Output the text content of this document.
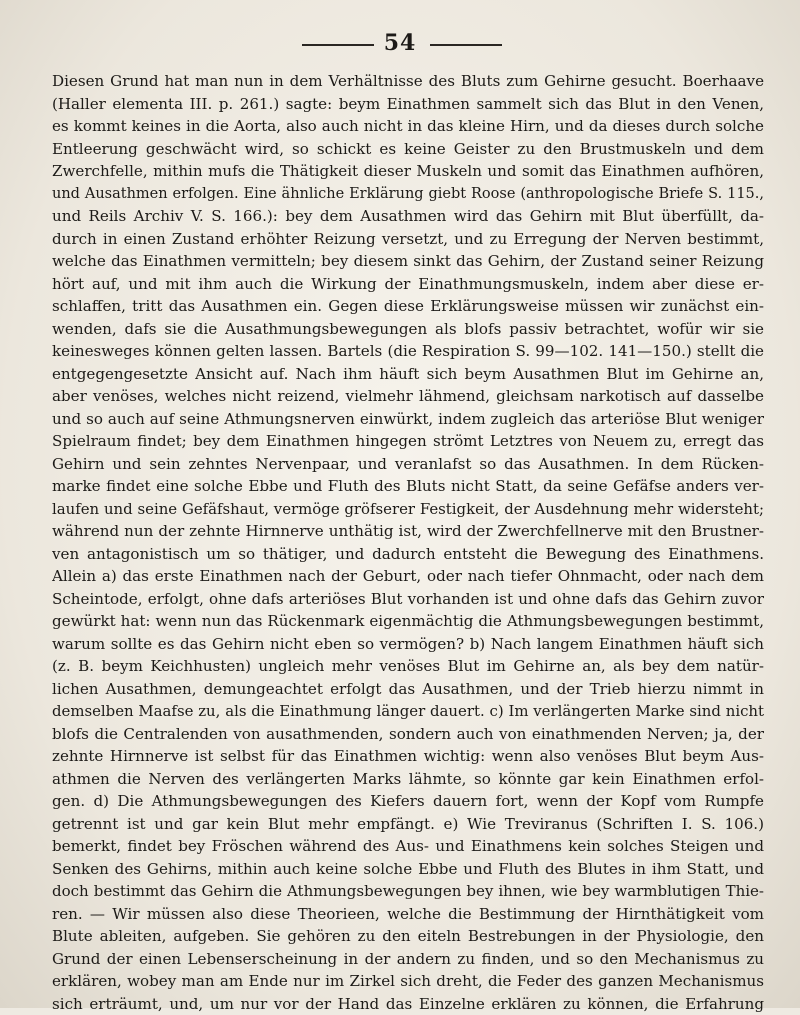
54
Diesen Grund hat man nun in dem Verhältnisse des Bluts zum Gehirne gesucht. Boerhaave
(Haller elementa III. p. 261.) sagte: beym Einathmen sammelt sich das Blut in den Venen,
es kommt keines in die Aorta, also auch nicht in das kleine Hirn, und da dieses durch solche
Entleerung geschwächt wird, so schickt es keine Geister zu den Brustmuskeln und dem
Zwerchfelle, mithin mufs die Thätigkeit dieser Muskeln und somit das Einathmen aufhören,
und Ausathmen erfolgen. Eine ähnliche Erklärung giebt Roose (anthropologische Briefe S. 115.,
und Reils Archiv V. S. 166.): bey dem Ausathmen wird das Gehirn mit Blut überfüllt, da-
durch in einen Zustand erhöhter Reizung versetzt, und zu Erregung der Nerven bestimmt,
welche das Einathmen vermitteln; bey diesem sinkt das Gehirn, der Zustand seiner Reizung
hört auf, und mit ihm auch die Wirkung der Einathmungsmuskeln, indem aber diese er-
schlaffen, tritt das Ausathmen ein. Gegen diese Erklärungsweise müssen wir zunächst ein-
wenden, dafs sie die Ausathmungsbewegungen als blofs passiv betrachtet, wofür wir sie
keinesweges können gelten lassen. Bartels (die Respiration S. 99—102. 141—150.) stellt die
entgegengesetzte Ansicht auf. Nach ihm häuft sich beym Ausathmen Blut im Gehirne an,
aber venöses, welches nicht reizend, vielmehr lähmend, gleichsam narkotisch auf dasselbe
und so auch auf seine Athmungsnerven einwürkt, indem zugleich das arteriöse Blut weniger
Spielraum findet; bey dem Einathmen hingegen strömt Letztres von Neuem zu, erregt das
Gehirn und sein zehntes Nervenpaar, und veranlafst so das Ausathmen. In dem Rücken-
marke findet eine solche Ebbe und Fluth des Bluts nicht Statt, da seine Gefäfse anders ver-
laufen und seine Gefäfshaut, vermöge gröfserer Festigkeit, der Ausdehnung mehr widersteht;
während nun der zehnte Hirnnerve unthätig ist, wird der Zwerchfellnerve mit den Brustner-
ven antagonistisch um so thätiger, und dadurch entsteht die Bewegung des Einathmens.
Allein a) das erste Einathmen nach der Geburt, oder nach tiefer Ohnmacht, oder nach dem
Scheintode, erfolgt, ohne dafs arteriöses Blut vorhanden ist und ohne dafs das Gehirn zuvor
gewürkt hat: wenn nun das Rückenmark eigenmächtig die Athmungsbewegungen bestimmt,
warum sollte es das Gehirn nicht eben so vermögen? b) Nach langem Einathmen häuft sich
(z. B. beym Keichhusten) ungleich mehr venöses Blut im Gehirne an, als bey dem natür-
lichen Ausathmen, demungeachtet erfolgt das Ausathmen, und der Trieb hierzu nimmt in
demselben Maafse zu, als die Einathmung länger dauert. c) Im verlängerten Marke sind nicht
blofs die Centralenden von ausathmenden, sondern auch von einathmenden Nerven; ja, der
zehnte Hirnnerve ist selbst für das Einathmen wichtig: wenn also venöses Blut beym Aus-
athmen die Nerven des verlängerten Marks lähmte, so könnte gar kein Einathmen erfol-
gen. d) Die Athmungsbewegungen des Kiefers dauern fort, wenn der Kopf vom Rumpfe
getrennt ist und gar kein Blut mehr empfängt. e) Wie Treviranus (Schriften I. S. 106.)
bemerkt, findet bey Fröschen während des Aus- und Einathmens kein solches Steigen und
Senken des Gehirns, mithin auch keine solche Ebbe und Fluth des Blutes in ihm Statt, und
doch bestimmt das Gehirn die Athmungsbewegungen bey ihnen, wie bey warmblutigen Thie-
ren. — Wir müssen also diese Theorieen, welche die Bestimmung der Hirnthätigkeit vom
Blute ableiten, aufgeben. Sie gehören zu den eiteln Bestrebungen in der Physiologie, den
Grund der einen Lebenserscheinung in der andern zu finden, und so den Mechanismus zu
erklären, wobey man am Ende nur im Zirkel sich dreht, die Feder des ganzen Mechanismus
sich erträumt, und, um nur vor der Hand das Einzelne erklären zu können, die Erfahrung
